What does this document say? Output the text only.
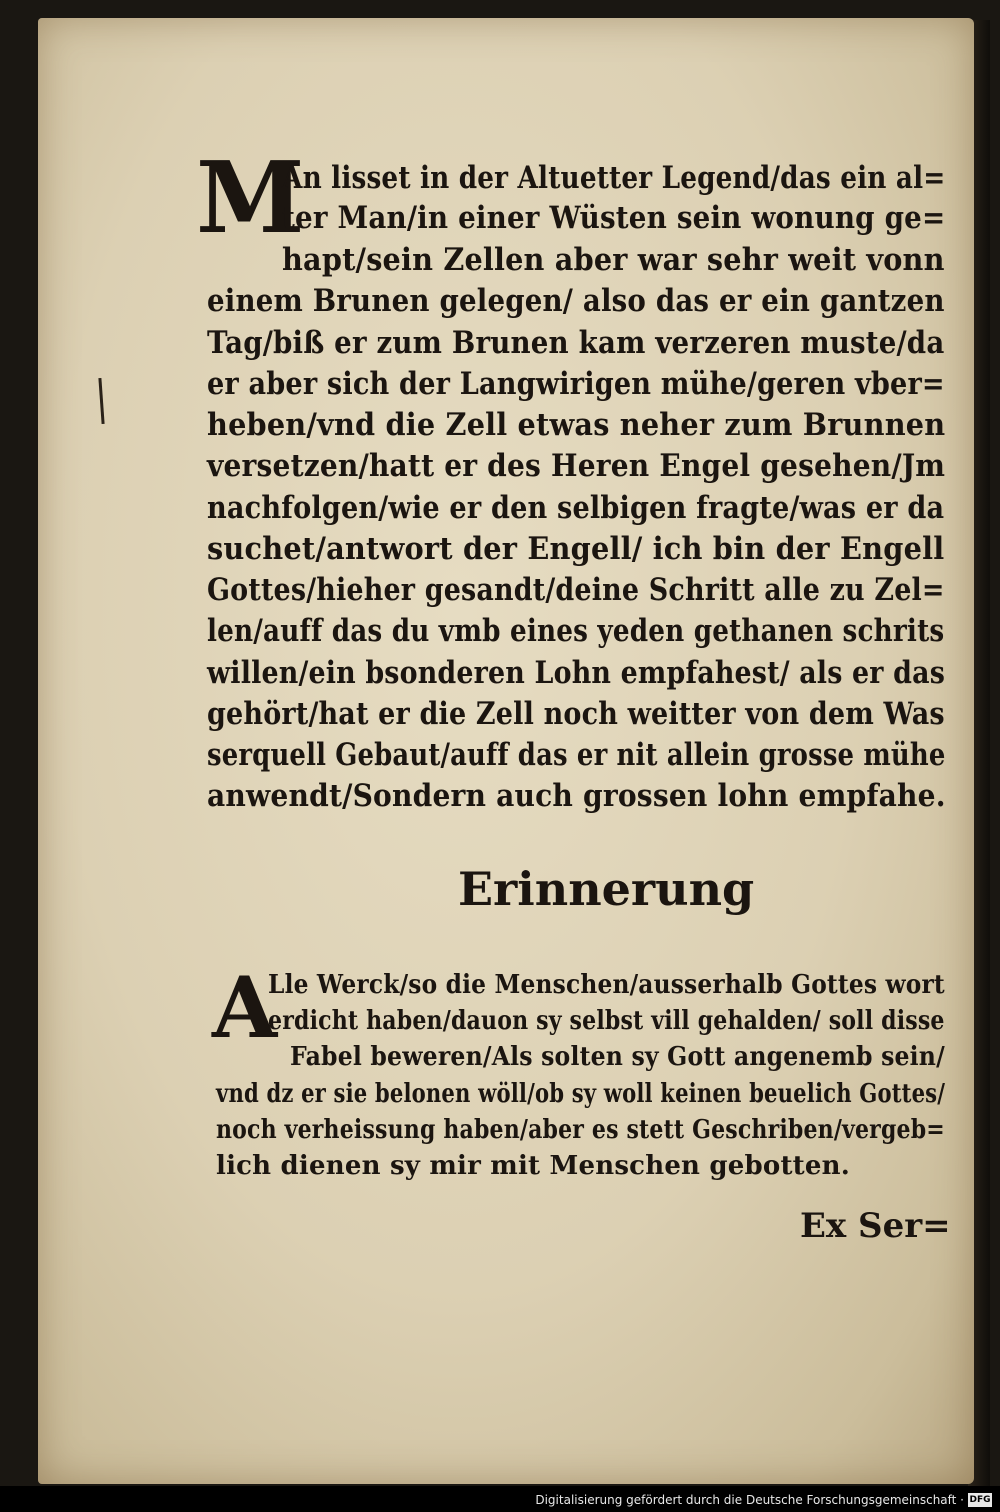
M
An lisset in der Altuetter Legend/das ein al=
ter Man/in einer Wüsten sein wonung ge=
hapt/sein Zellen aber war sehr weit vonn
einem Brunen gelegen/ also das er ein gantzen
Tag/biß er zum Brunen kam verzeren muste/da
er aber sich der Langwirigen mühe/geren vber=
heben/vnd die Zell etwas neher zum Brunnen
versetzen/hatt er des Heren Engel gesehen/Jm
nachfolgen/wie er den selbigen fragte/was er da
suchet/antwort der Engell/ ich bin der Engell
Gottes/hieher gesandt/deine Schritt alle zu Zel=
len/auff das du vmb eines yeden gethanen schrits
willen/ein bsonderen Lohn empfahest/ als er das
gehört/hat er die Zell noch weitter von dem Was
serquell Gebaut/auff das er nit allein grosse mühe
anwendt/Sondern auch grossen lohn empfahe.
Erinnerung
A
Lle Werck/so die Menschen/ausserhalb Gottes wort
erdicht haben/dauon sy selbst vill gehalden/ soll disse
Fabel beweren/Als solten sy Gott angenemb sein/
vnd dz er sie belonen wöll/ob sy woll keinen beuelich Gottes/
noch verheissung haben/aber es stett Geschriben/vergeb=
lich dienen sy mir mit Menschen gebotten.
Ex Ser=
Digitalisierung gefördert durch die Deutsche Forschungsgemeinschaft · DFG
